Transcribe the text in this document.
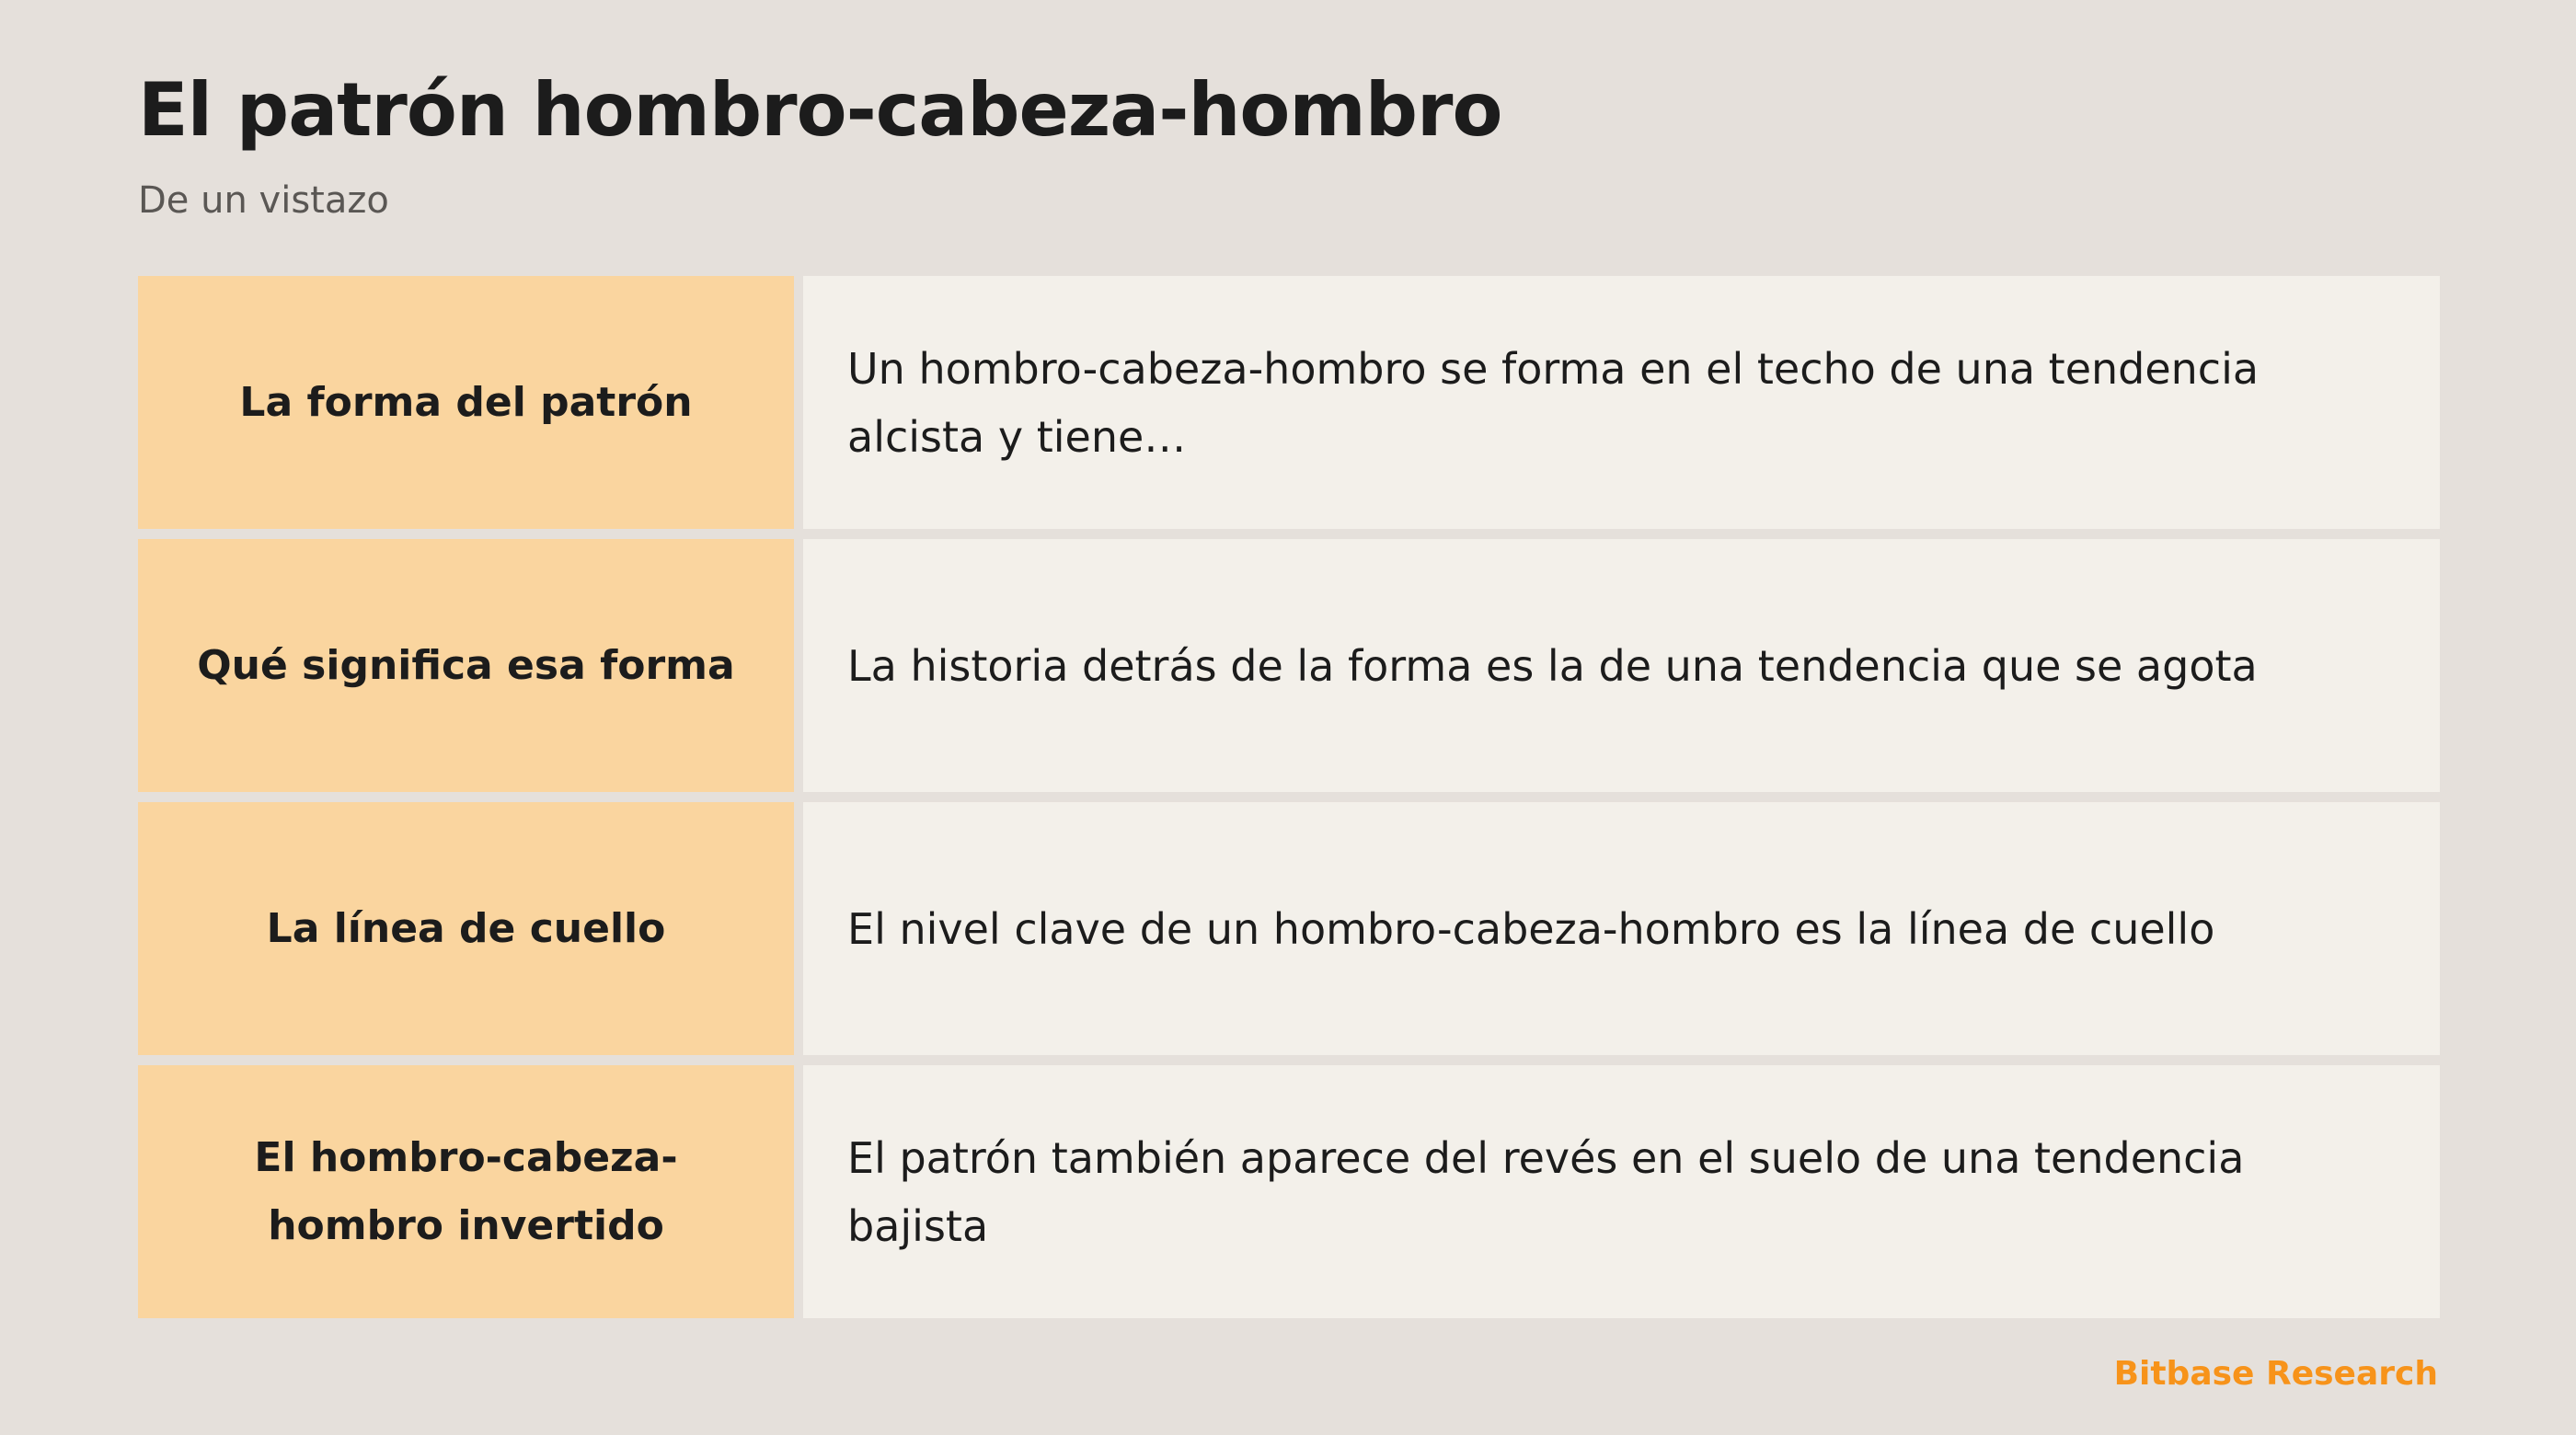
El patrón hombro-cabeza-hombro

De un vistazo

La forma del patrón
Un hombro-cabeza-hombro se forma en el techo de una tendencia alcista y tiene…
Qué significa esa forma	La historia detrás de la forma es la de una tendencia que se agota
La línea de cuello	El nivel clave de un hombro-cabeza-hombro es la línea de cuello
El hombro-cabeza-hombro invertido
El patrón también aparece del revés en el suelo de una tendencia bajista
Bitbase Research
